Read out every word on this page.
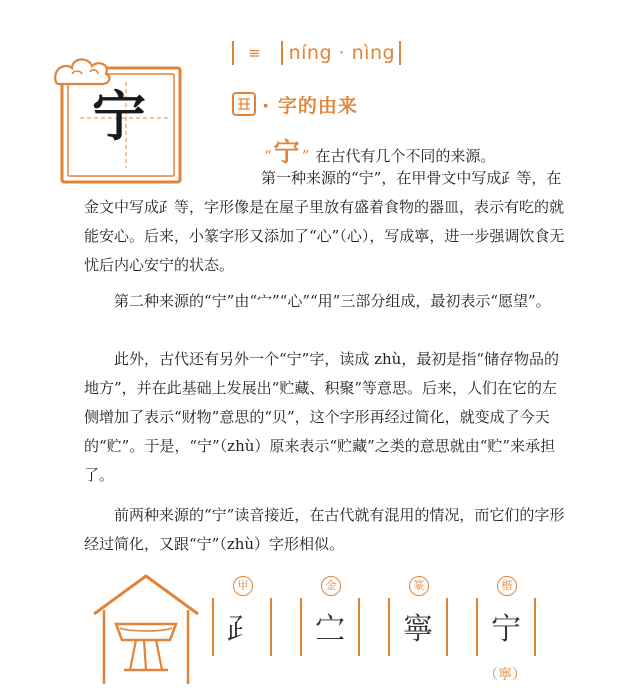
≡ níng · nìng
宁	· 字的由来
“ 宁 ” 在古代有几个不同的来源。
第一种来源的“宁”，在甲骨文中写成⺪等，在金文中写成⺪等，字形像是在屋子里放有盛着食物的器皿，表示有吃的就能安心。后来，小篆字形又添加了“心”（心），写成寧，进一步强调饮食无忧后内心安宁的状态。
第二种来源的“宁”由“宀”“心”“用”三部分组成，最初表示“愿望”。
此外，古代还有另外一个“宁”字，读成 zhù，最初是指“储存物品的地方”，并在此基础上发展出“贮藏、积聚”等意思。后来，人们在它的左侧增加了表示“财物”意思的“贝”，这个字形再经过简化，就变成了今天的“贮”。于是，“宁”（zhù）原来表示“贮藏”之类的意思就由“贮”来承担了。
前两种来源的“宁”读音接近，在古代就有混用的情况，而它们的字形经过简化，又跟“宁”（zhù）字形相似。
甲
⺪
金
㝉
篆
寧
楷
宁
（寧）
